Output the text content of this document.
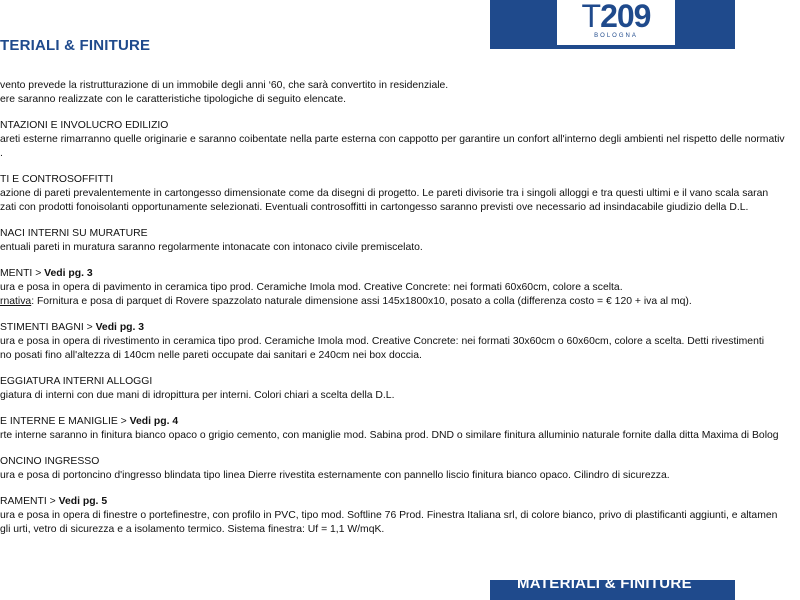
T209
BOLOGNA
TERIALI & FINITURE
vento prevede la ristrutturazione di un immobile degli anni ‘60, che sarà convertito in residenziale.
ere saranno realizzate con le caratteristiche tipologiche di seguito elencate.
NTAZIONI E INVOLUCRO EDILIZIO
areti esterne rimarranno quelle originarie e saranno coibentate nella parte esterna con cappotto per garantire un confort all'interno degli ambienti nel rispetto delle normativ
.
TI E CONTROSOFFITTI
azione di pareti prevalentemente in cartongesso dimensionate come da disegni di progetto. Le pareti divisorie tra i singoli alloggi e tra questi ultimi e il vano scala saran
zati con prodotti fonoisolanti opportunamente selezionati. Eventuali controsoffitti in cartongesso saranno previsti ove necessario ad insindacabile giudizio della D.L.
NACI INTERNI SU MURATURE
entuali pareti in muratura saranno regolarmente intonacate con intonaco civile premiscelato.
MENTI > Vedi pg. 3
ura e posa in opera di pavimento in ceramica tipo prod. Ceramiche Imola mod. Creative Concrete: nei formati 60x60cm, colore a scelta.
rnativa: Fornitura e posa di parquet di Rovere spazzolato naturale dimensione assi 145x1800x10, posato a colla (differenza costo = € 120 + iva al mq).
STIMENTI BAGNI > Vedi pg. 3
ura e posa in opera di rivestimento in ceramica tipo prod. Ceramiche Imola mod. Creative Concrete: nei formati 30x60cm o 60x60cm, colore a scelta. Detti rivestimenti
no posati fino all'altezza di 140cm nelle pareti occupate dai sanitari e 240cm nei box doccia.
EGGIATURA INTERNI ALLOGGI
giatura di interni con due mani di idropittura per interni. Colori chiari a scelta della D.L.
E INTERNE E MANIGLIE > Vedi pg. 4
rte interne saranno in finitura bianco opaco o grigio cemento, con maniglie mod. Sabina prod. DND o similare finitura alluminio naturale fornite dalla ditta Maxima di Bolog
ONCINO INGRESSO
ura e posa di portoncino d'ingresso blindata tipo linea Dierre rivestita esternamente con pannello liscio finitura bianco opaco. Cilindro di sicurezza.
RAMENTI > Vedi pg. 5
ura e posa in opera di finestre o portefinestre, con profilo in PVC, tipo mod. Softline 76 Prod. Finestra Italiana srl, di colore bianco, privo di plastificanti aggiunti, e altamen
gli urti, vetro di sicurezza e a isolamento termico. Sistema finestra: Uf = 1,1 W/mqK.
MATERIALI & FINITURE
